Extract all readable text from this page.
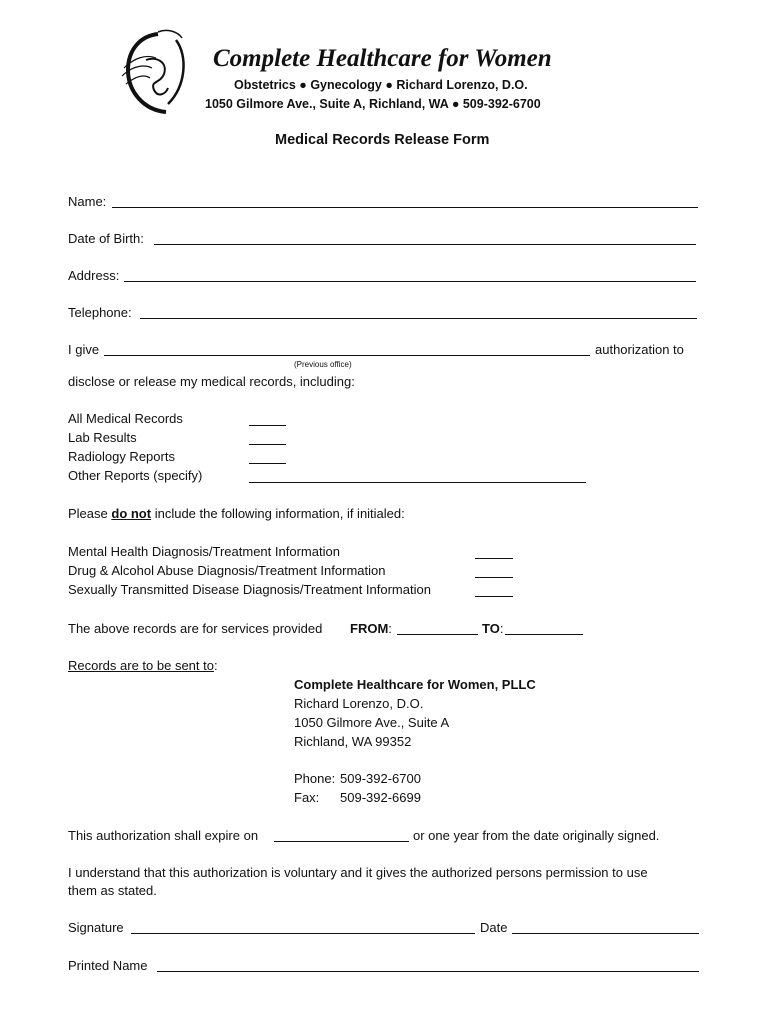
Complete Healthcare for Women
Obstetrics ● Gynecology ● Richard Lorenzo, D.O.
1050 Gilmore Ave., Suite A, Richland, WA ● 509-392-6700
Medical Records Release Form
Name:
Date of Birth:
Address:
Telephone:
I give	authorization to
(Previous office)
disclose or release my medical records, including:
All Medical Records
Lab Results
Radiology Reports
Other Reports (specify)
Please do not include the following information, if initialed:
Mental Health Diagnosis/Treatment Information
Drug & Alcohol Abuse Diagnosis/Treatment Information
Sexually Transmitted Disease Diagnosis/Treatment Information
The above records are for services provided FROM:	TO:
Records are to be sent to:
Complete Healthcare for Women, PLLC
Richard Lorenzo, D.O.
1050 Gilmore Ave., Suite A
Richland, WA 99352
Phone: 509-392-6700
Fax: 509-392-6699
This authorization shall expire on	or one year from the date originally signed.
I understand that this authorization is voluntary and it gives the authorized persons permission to use
them as stated.
Signature	Date
Printed Name
